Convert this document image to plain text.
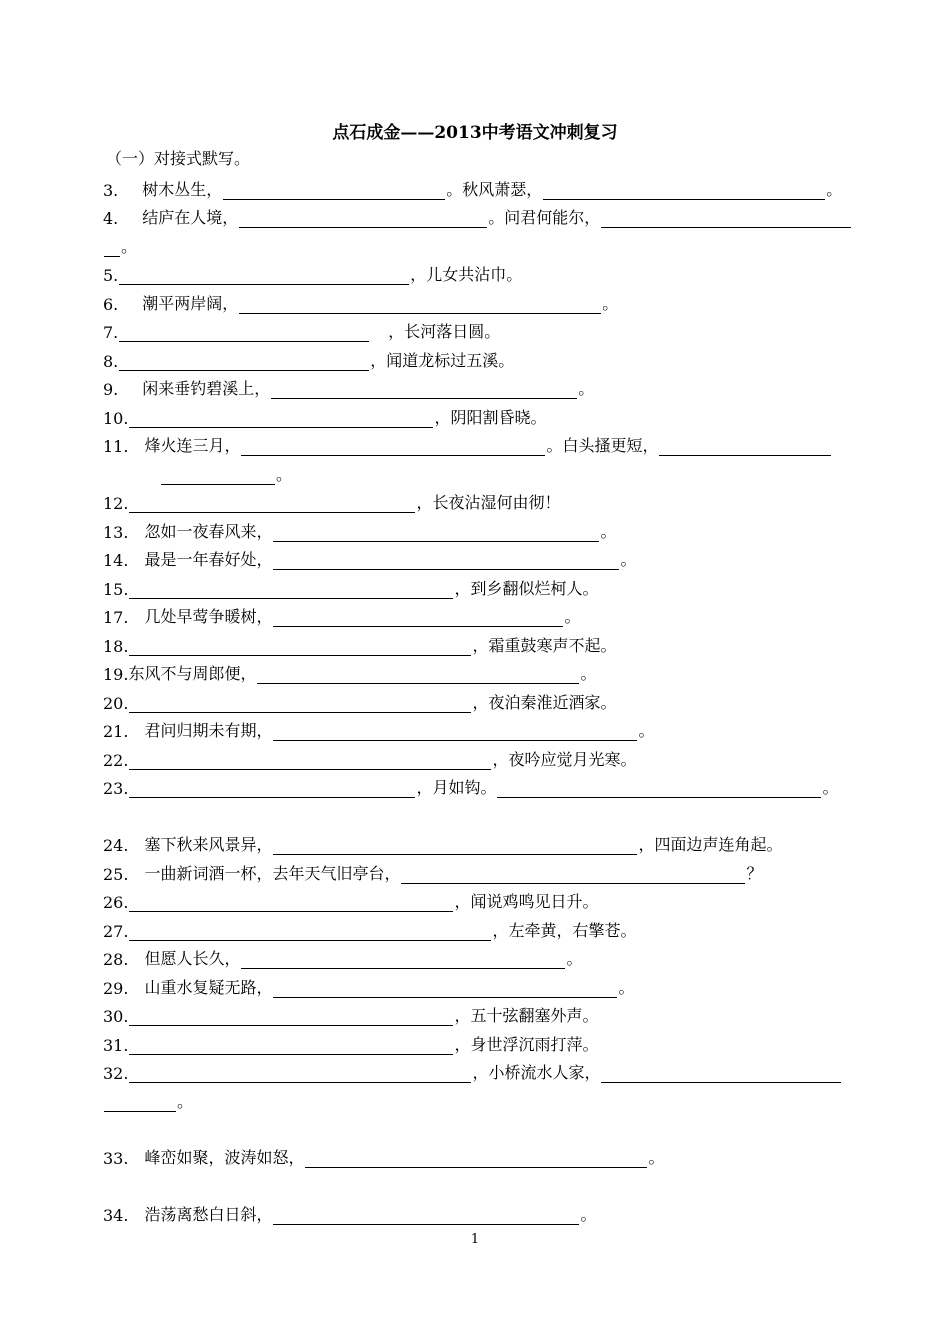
点石成金——2013中考语文冲刺复习
（一）对接式默写。
3. 树木丛生，	。秋风萧瑟，	。
4. 结庐在人境，	。问君何能尔，
。
5.	，儿女共沾巾。
6. 潮平两岸阔，	。
7.	，长河落日圆。
8.	，闻道龙标过五溪。
9. 闲来垂钓碧溪上，	。
10.	，阴阳割昏晓。
11. 烽火连三月，	。白头搔更短，
。
12.	，长夜沾湿何由彻！
13. 忽如一夜春风来，	。
14. 最是一年春好处，	。
15.	，到乡翻似烂柯人。
17. 几处早莺争暖树，	。
18.	，霜重鼓寒声不起。
19. 东风不与周郎便，	。
20.	，夜泊秦淮近酒家。
21. 君问归期未有期，	。
22.	，夜吟应觉月光寒。
23.	，月如钩。	。
24. 塞下秋来风景异，	，四面边声连角起。
25. 一曲新词酒一杯，去年天气旧亭台，	？
26.	，闻说鸡鸣见日升。
27.	，左牵黄，右擎苍。
28. 但愿人长久，	。
29. 山重水复疑无路，	。
30.	，五十弦翻塞外声。
31.	，身世浮沉雨打萍。
32.	，小桥流水人家，
。
33. 峰峦如聚，波涛如怒，	。
34. 浩荡离愁白日斜，	。
1
